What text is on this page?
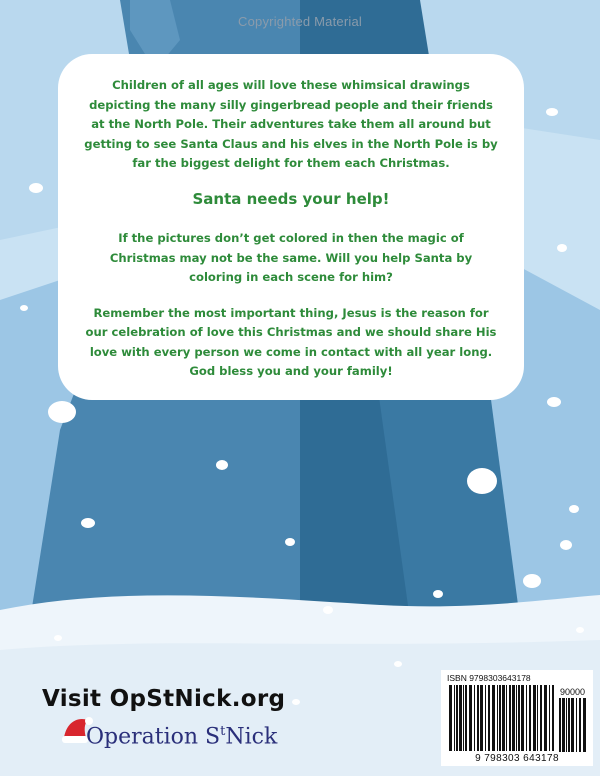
Copyrighted Material

Children of all ages will love these whimsical drawings depicting the many silly gingerbread people and their friends at the North Pole. Their adventures take them all around but getting to see Santa Claus and his elves in the North Pole is by far the biggest delight for them each Christmas.

Santa needs your help!

If the pictures don’t get colored in then the magic of Christmas may not be the same. Will you help Santa by coloring in each scene for him?

Remember the most important thing, Jesus is the reason for our celebration of love this Christmas and we should share His love with every person we come in contact with all year long. God bless you and your family!

Visit OpStNick.org
Operation $S^tNick$
ISBN 9798303643178
90000
9 798303 643178
